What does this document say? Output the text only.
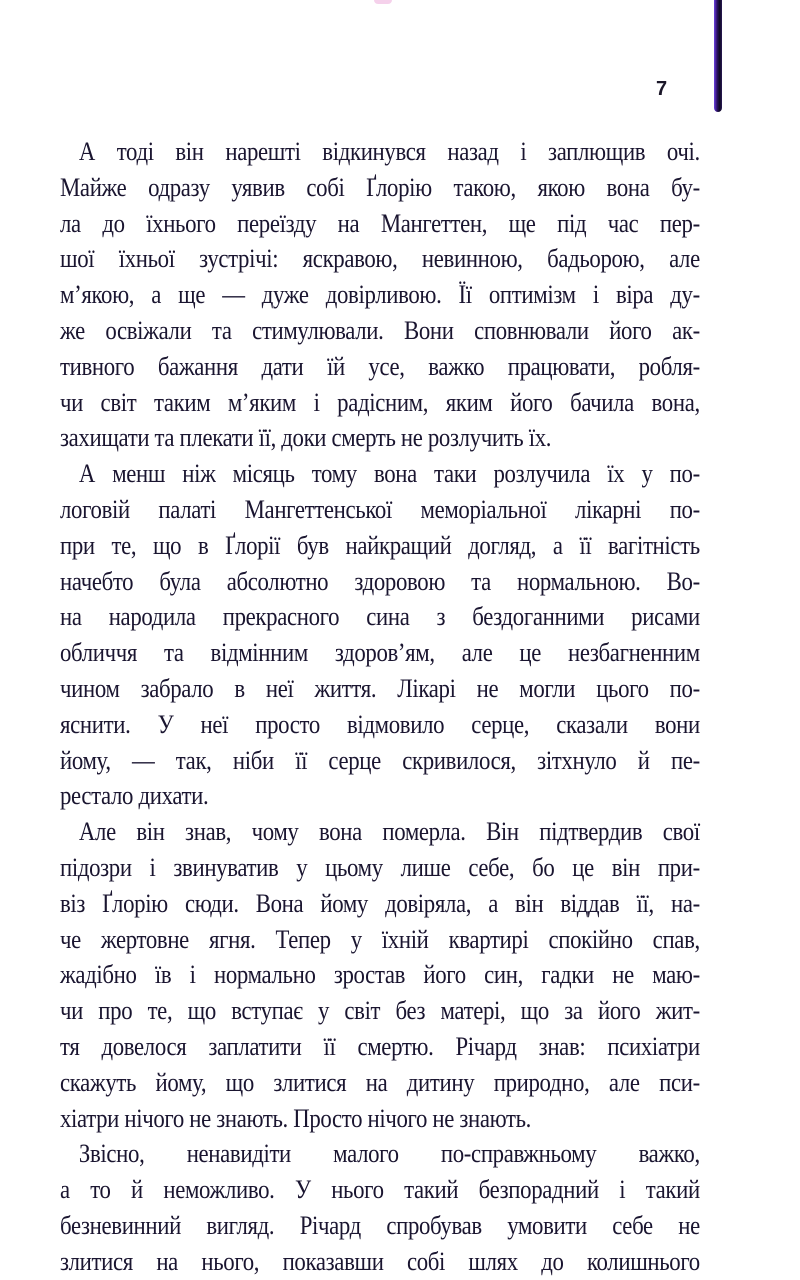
7
А тоді він нарешті відкинувся назад і заплющив очі.
Майже одразу уявив собі Ґлорію такою, якою вона бу-
ла до їхнього переїзду на Мангеттен, ще під час пер-
шої їхньої зустрічі: яскравою, невинною, бадьорою, але
м’якою, а ще — дуже довірливою. Її оптимізм і віра ду-
же освіжали та стимулювали. Вони сповнювали його ак-
тивного бажання дати їй усе, важко працювати, робля-
чи світ таким м’яким і радісним, яким його бачила вона,
захищати та плекати її, доки смерть не розлучить їх.
А менш ніж місяць тому вона таки розлучила їх у по-
логовій палаті Мангеттенської меморіальної лікарні по-
при те, що в Ґлорії був найкращий догляд, а її вагітність
начебто була абсолютно здоровою та нормальною. Во-
на народила прекрасного сина з бездоганними рисами
обличчя та відмінним здоров’ям, але це незбагненним
чином забрало в неї життя. Лікарі не могли цього по-
яснити. У неї просто відмовило серце, сказали вони
йому, — так, ніби її серце скривилося, зітхнуло й пе-
рестало дихати.
Але він знав, чому вона померла. Він підтвердив свої
підозри і звинуватив у цьому лише себе, бо це він при-
віз Ґлорію сюди. Вона йому довіряла, а він віддав її, на-
че жертовне ягня. Тепер у їхній квартирі спокійно спав,
жадібно їв і нормально зростав його син, гадки не маю-
чи про те, що вступає у світ без матері, що за його жит-
тя довелося заплатити її смертю. Річард знав: психіатри
скажуть йому, що злитися на дитину природно, але пси-
хіатри нічого не знають. Просто нічого не знають.
Звісно, ненавидіти малого по-справжньому важко,
а то й неможливо. У нього такий безпорадний і такий
безневинний вигляд. Річард спробував умовити себе не
злитися на нього, показавши собі шлях до колишнього
